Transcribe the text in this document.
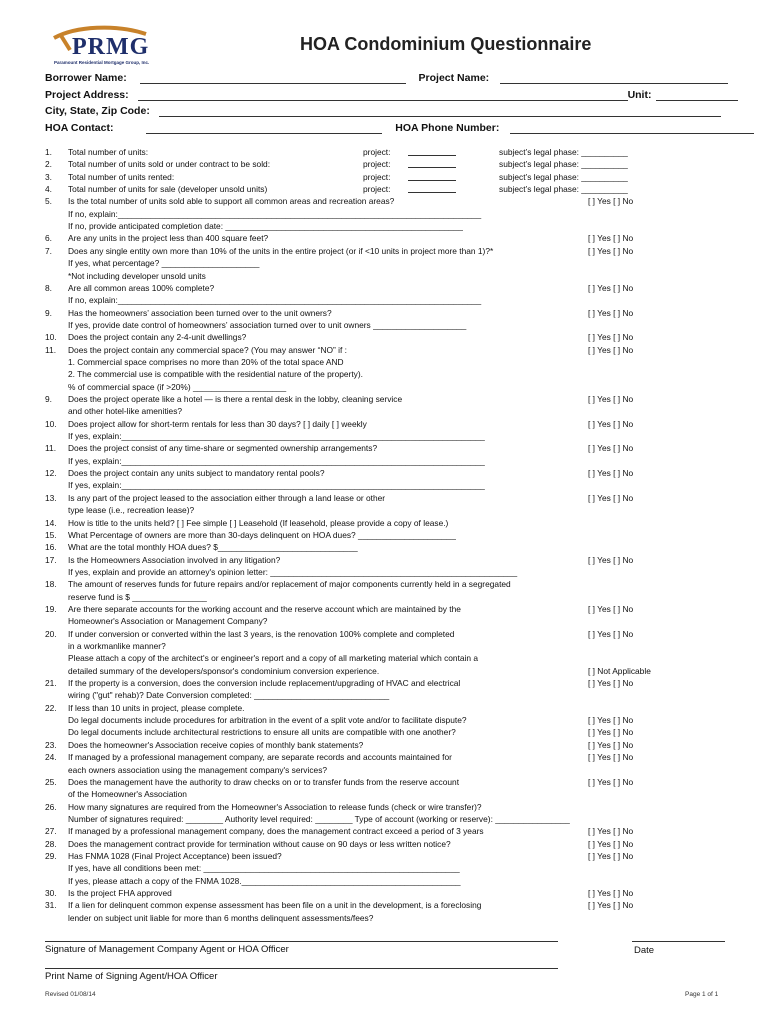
PRMG
Paramount Residential Mortgage Group, Inc.
HOA Condominium Questionnaire
Borrower Name:	Project Name:
Project Address:	Unit:
City, State, Zip Code:
HOA Contact:	HOA Phone Number:
1.	Total number of units:	project:	subject’s legal phase: __________
2.	Total number of units sold or under contract to be sold:	project:	subject’s legal phase: __________
3.	Total number of units rented:	project:	subject’s legal phase: __________
4.	Total number of units for sale (developer unsold units)	project:	subject’s legal phase: __________
5.	Is the total number of units sold able to support all common areas and recreation areas?	[ ] Yes [ ] No
If no, explain:______________________________________________________________________________
If no, provide anticipated completion date: ___________________________________________________
6.	Are any units in the project less than 400 square feet?	[ ] Yes [ ] No
7.	Does any single entity own more than 10% of the units in the entire project (or if <10 units in project more than 1)?*	[ ] Yes [ ] No
If yes, what percentage? _____________________
*Not including developer unsold units
8.	Are all common areas 100% complete?	[ ] Yes [ ] No
If no, explain:______________________________________________________________________________
9.	Has the homeowners’ association been turned over to the unit owners?	[ ] Yes [ ] No
If yes, provide date control of homeowners’ association turned over to unit owners ____________________
10.	Does the project contain any 2-4-unit dwellings?	[ ] Yes [ ] No
11.	Does the project contain any commercial space? (You may answer “NO” if :	[ ] Yes [ ] No
1. Commercial space comprises no more than 20% of the total space AND
2. The commercial use is compatible with the residential nature of the property).
% of commercial space (if >20%) ____________________
9.	Does the project operate like a hotel — is there a rental desk in the lobby, cleaning service	[ ] Yes [ ] No
and other hotel-like amenities?
10.	Does project allow for short-term rentals for less than 30 days? [ ] daily [ ] weekly	[ ] Yes [ ] No
If yes, explain:______________________________________________________________________________
11.	Does the project consist of any time-share or segmented ownership arrangements?	[ ] Yes [ ] No
If yes, explain:______________________________________________________________________________
12.	Does the project contain any units subject to mandatory rental pools?	[ ] Yes [ ] No
If yes, explain:______________________________________________________________________________
13.	Is any part of the project leased to the association either through a land lease or other	[ ] Yes [ ] No
type lease (i.e., recreation lease)?
14.	How is title to the units held? [ ] Fee simple [ ] Leasehold (If leasehold, please provide a copy of lease.)
15.	What Percentage of owners are more than 30-days delinquent on HOA dues? _____________________
16.	What are the total monthly HOA dues? $______________________________
17.	Is the Homeowners Association involved in any litigation?	[ ] Yes [ ] No
If yes, explain and provide an attorney's opinion letter: _____________________________________________________
18.	The amount of reserves funds for future repairs and/or replacement of major components currently held in a segregated
reserve fund is $ ________________
19.	Are there separate accounts for the working account and the reserve account which are maintained by the	[ ] Yes [ ] No
Homeowner's Association or Management Company?
20.	If under conversion or converted within the last 3 years, is the renovation 100% complete and completed	[ ] Yes [ ] No
in a workmanlike manner?
Please attach a copy of the architect's or engineer's report and a copy of all marketing material which contain a
detailed summary of the developers/sponsor's condominium conversion experience.	[ ] Not Applicable
21.	If the property is a conversion, does the conversion include replacement/upgrading of HVAC and electrical	[ ] Yes [ ] No
wiring ("gut" rehab)? Date Conversion completed: _____________________________
22.	If less than 10 units in project, please complete.
Do legal documents include procedures for arbitration in the event of a split vote and/or to facilitate dispute?	[ ] Yes [ ] No
Do legal documents include architectural restrictions to ensure all units are compatible with one another?	[ ] Yes [ ] No
23.	Does the homeowner's Association receive copies of monthly bank statements?	[ ] Yes [ ] No
24.	If managed by a professional management company, are separate records and accounts maintained for	[ ] Yes [ ] No
each owners association using the management company's services?
25.	Does the management have the authority to draw checks on or to transfer funds from the reserve account	[ ] Yes [ ] No
of the Homeowner's Association
26.	How many signatures are required from the Homeowner's Association to release funds (check or wire transfer)?
Number of signatures required: ________ Authority level required: ________ Type of account (working or reserve): ________________
27.	If managed by a professional management company, does the management contract exceed a period of 3 years	[ ] Yes [ ] No
28.	Does the management contract provide for termination without cause on 90 days or less written notice?	[ ] Yes [ ] No
29.	Has FNMA 1028 (Final Project Acceptance) been issued?	[ ] Yes [ ] No
If yes, have all conditions been met: _______________________________________________________
If yes, please attach a copy of the FNMA 1028._______________________________________________
30.	Is the project FHA approved	[ ] Yes [ ] No
31.	If a lien for delinquent common expense assessment has been file on a unit in the development, is a foreclosing	[ ] Yes [ ] No
lender on subject unit liable for more than 6 months delinquent assessments/fees?
Signature of Management Company Agent or HOA Officer	Date
Print Name of Signing Agent/HOA Officer
Revised 01/08/14	Page 1 of 1
